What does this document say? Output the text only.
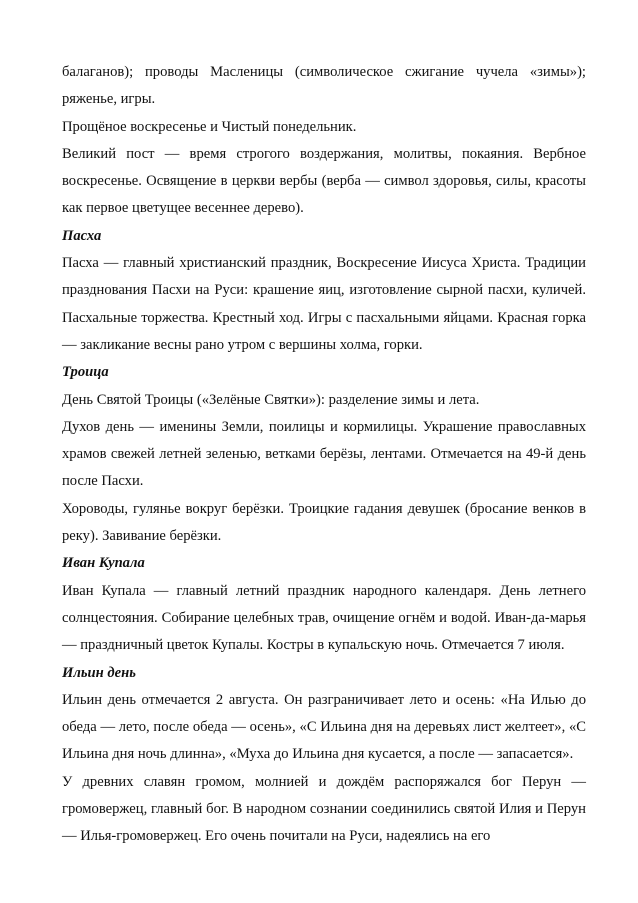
балаганов); проводы Масленицы (символическое сжигание чучела «зимы»); ряженье, игры.

Прощёное воскресенье и Чистый понедельник.

Великий пост — время строгого воздержания, молитвы, покаяния. Вербное воскресенье. Освящение в церкви вербы (верба — символ здоровья, силы, красоты как первое цветущее весеннее дерево).

Пасха

Пасха — главный христианский праздник, Воскресение Иисуса Христа. Традиции празднования Пасхи на Руси: крашение яиц, изготовление сырной пасхи, куличей. Пасхальные торжества. Крестный ход. Игры с пасхальными яйцами. Красная горка — закликание весны рано утром с вершины холма, горки.

Троица

День Святой Троицы («Зелёные Святки»): разделение зимы и лета.

Духов день — именины Земли, поилицы и кормилицы. Украшение православных храмов свежей летней зеленью, ветками берёзы, лентами. Отмечается на 49-й день после Пасхи.

Хороводы, гулянье вокруг берёзки. Троицкие гадания девушек (бросание венков в реку). Завивание берёзки.

Иван Купала

Иван Купала — главный летний праздник народного календаря. День летнего солнцестояния. Собирание целебных трав, очищение огнём и водой. Иван-да-марья — праздничный цветок Купалы. Костры в купальскую ночь. Отмечается 7 июля.

Ильин день

Ильин день отмечается 2 августа. Он разграничивает лето и осень: «На Илью до обеда — лето, после обеда — осень», «С Ильина дня на деревьях лист желтеет», «С Ильина дня ночь длинна», «Муха до Ильина дня кусается, а после — запасается».

У древних славян громом, молнией и дождём распоряжался бог Перун — громовержец, главный бог. В народном сознании соединились святой Илия и Перун — Илья-громовержец. Его очень почитали на Руси, надеялись на его
